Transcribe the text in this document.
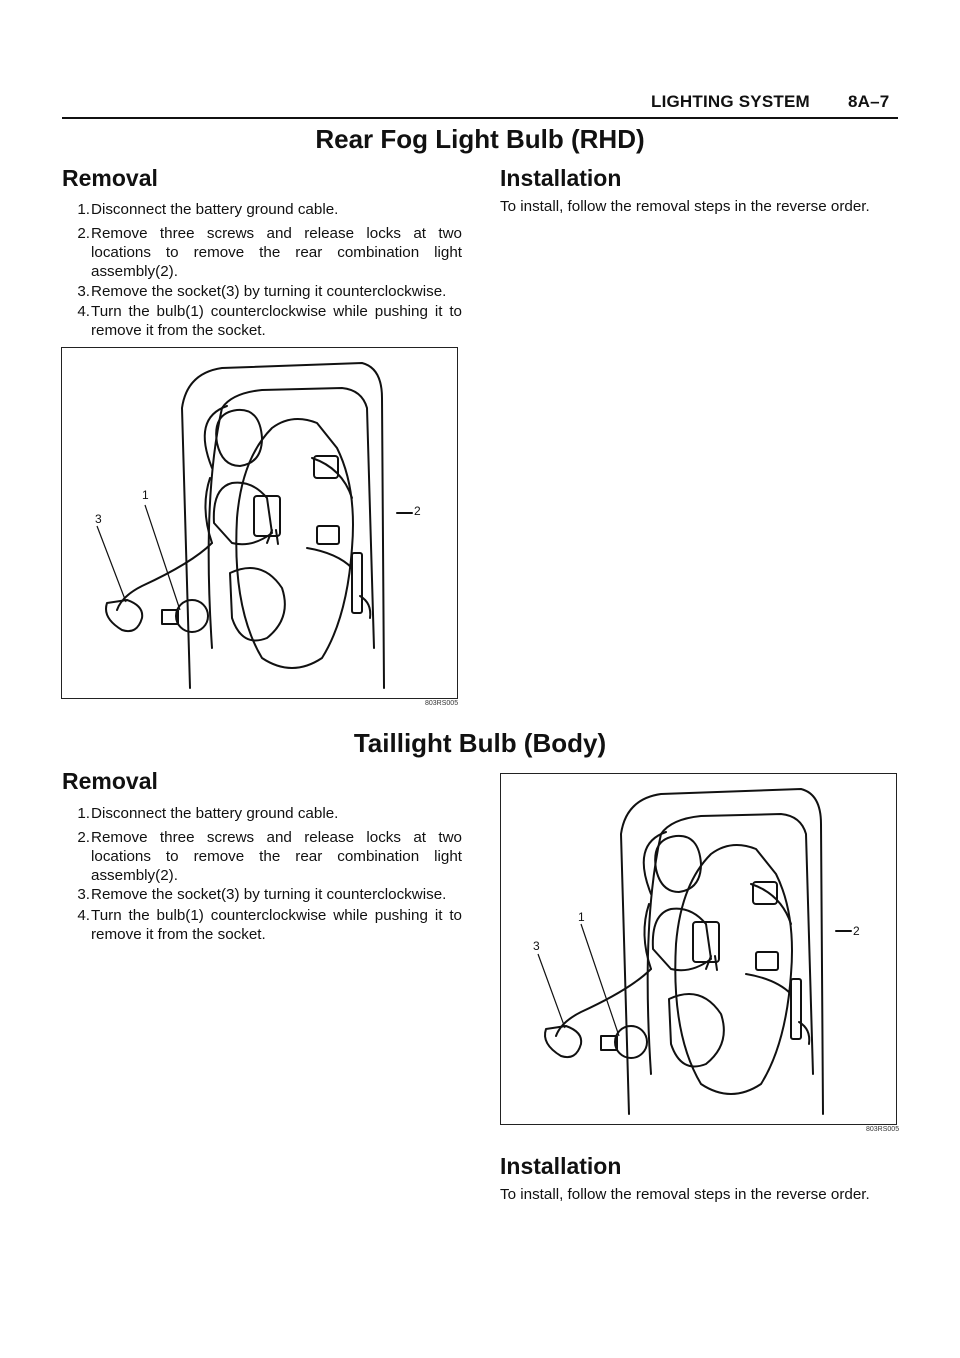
LIGHTING SYSTEM 8A–7
Rear Fog Light Bulb (RHD)
Removal
1. Disconnect the battery ground cable.
2. Remove three screws and release locks at two locations to remove the rear combination light assembly(2).
3. Remove the socket(3) by turning it counterclockwise.
4. Turn the bulb(1) counterclockwise while pushing it to remove it from the socket.
Installation
To install, follow the removal steps in the reverse order.
1
2
3
803RS005
Taillight Bulb (Body)
Removal
1. Disconnect the battery ground cable.
2. Remove three screws and release locks at two locations to remove the rear combination light assembly(2).
3. Remove the socket(3) by turning it counterclockwise.
4. Turn the bulb(1) counterclockwise while pushing it to remove it from the socket.
1
2
3
803RS005
Installation
To install, follow the removal steps in the reverse order.
